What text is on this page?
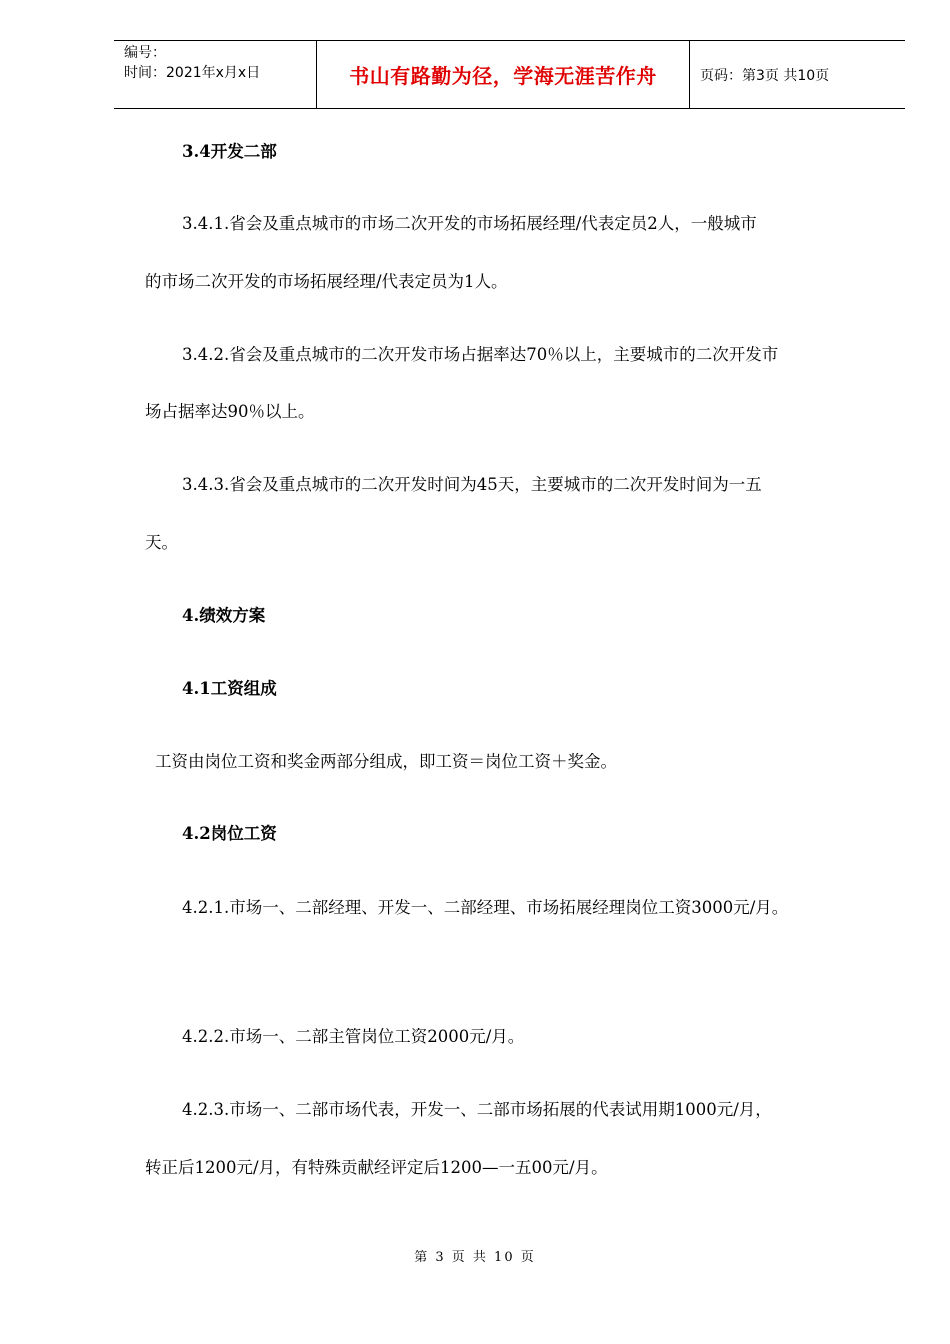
编号：
时间：2021年x月x日	书山有路勤为径，学海无涯苦作舟	页码：第3页 共10页
3.4开发二部
3.4.1.省会及重点城市的市场二次开发的市场拓展经理/代表定员2人，一般城市
的市场二次开发的市场拓展经理/代表定员为1人。
3.4.2.省会及重点城市的二次开发市场占据率达70％以上，主要城市的二次开发市
场占据率达90％以上。
3.4.3.省会及重点城市的二次开发时间为45天，主要城市的二次开发时间为一五
天。
4.绩效方案
4.1工资组成
工资由岗位工资和奖金两部分组成，即工资＝岗位工资＋奖金。
4.2岗位工资
4.2.1.市场一、二部经理、开发一、二部经理、市场拓展经理岗位工资3000元/月。
4.2.2.市场一、二部主管岗位工资2000元/月。
4.2.3.市场一、二部市场代表，开发一、二部市场拓展的代表试用期1000元/月，
转正后1200元/月，有特殊贡献经评定后1200—一五00元/月。
第 3 页 共 10 页
